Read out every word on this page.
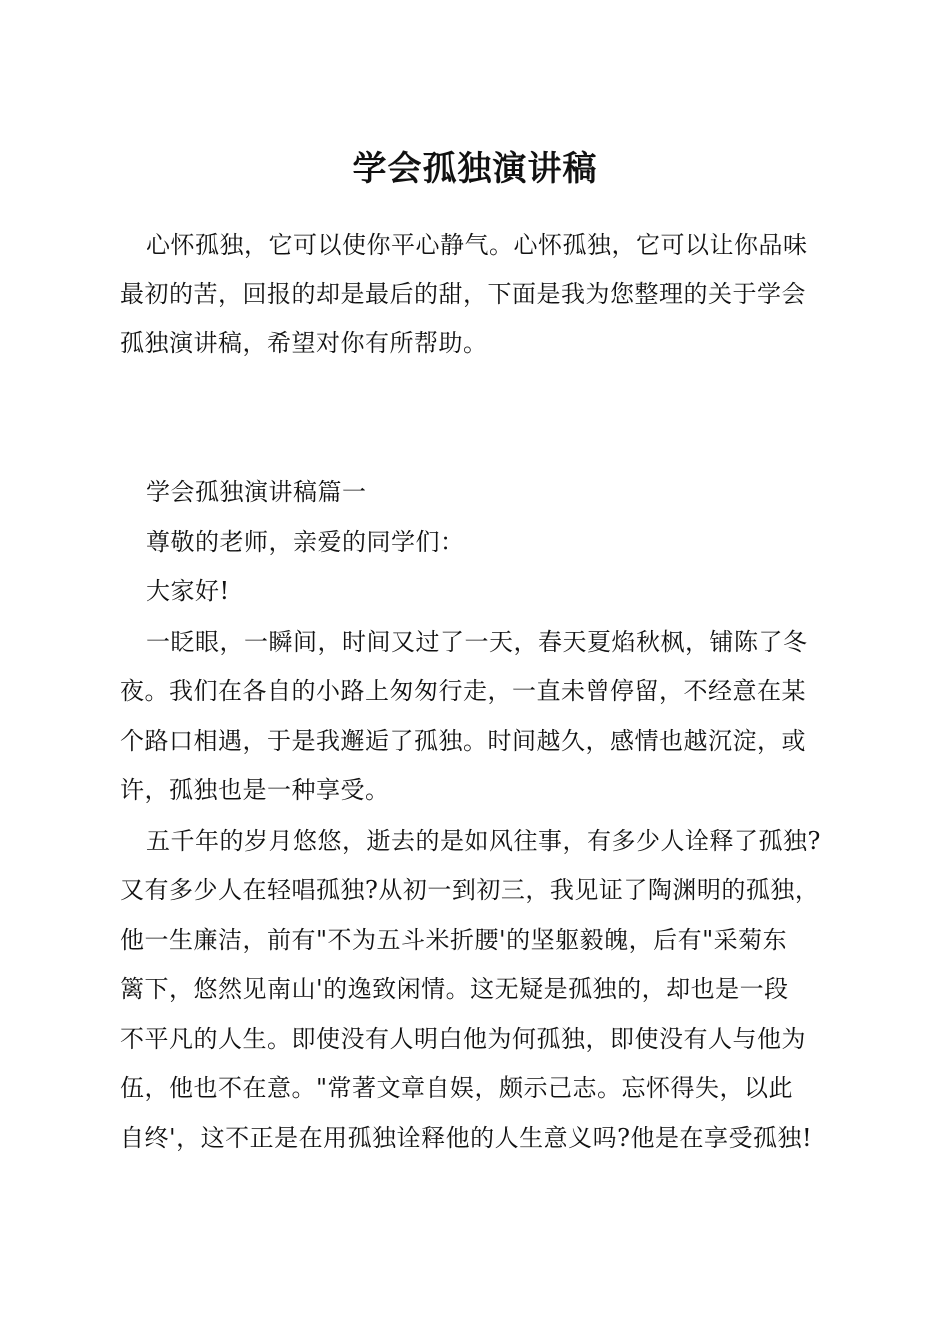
学会孤独演讲稿
心怀孤独，它可以使你平心静气。心怀孤独，它可以让你品味
最初的苦，回报的却是最后的甜，下面是我为您整理的关于学会
孤独演讲稿，希望对你有所帮助。
学会孤独演讲稿篇一
尊敬的老师，亲爱的同学们：
大家好!
一眨眼，一瞬间，时间又过了一天，春天夏焰秋枫，铺陈了冬
夜。我们在各自的小路上匆匆行走，一直未曾停留，不经意在某
个路口相遇，于是我邂逅了孤独。时间越久，感情也越沉淀，或
许，孤独也是一种享受。
五千年的岁月悠悠，逝去的是如风往事，有多少人诠释了孤独?
又有多少人在轻唱孤独?从初一到初三，我见证了陶渊明的孤独，
他一生廉洁，前有"不为五斗米折腰'的坚躯毅魄，后有"采菊东
篱下，悠然见南山'的逸致闲情。这无疑是孤独的，却也是一段
不平凡的人生。即使没有人明白他为何孤独，即使没有人与他为
伍，他也不在意。"常著文章自娱，颇示己志。忘怀得失，以此
自终'，这不正是在用孤独诠释他的人生意义吗?他是在享受孤独!
